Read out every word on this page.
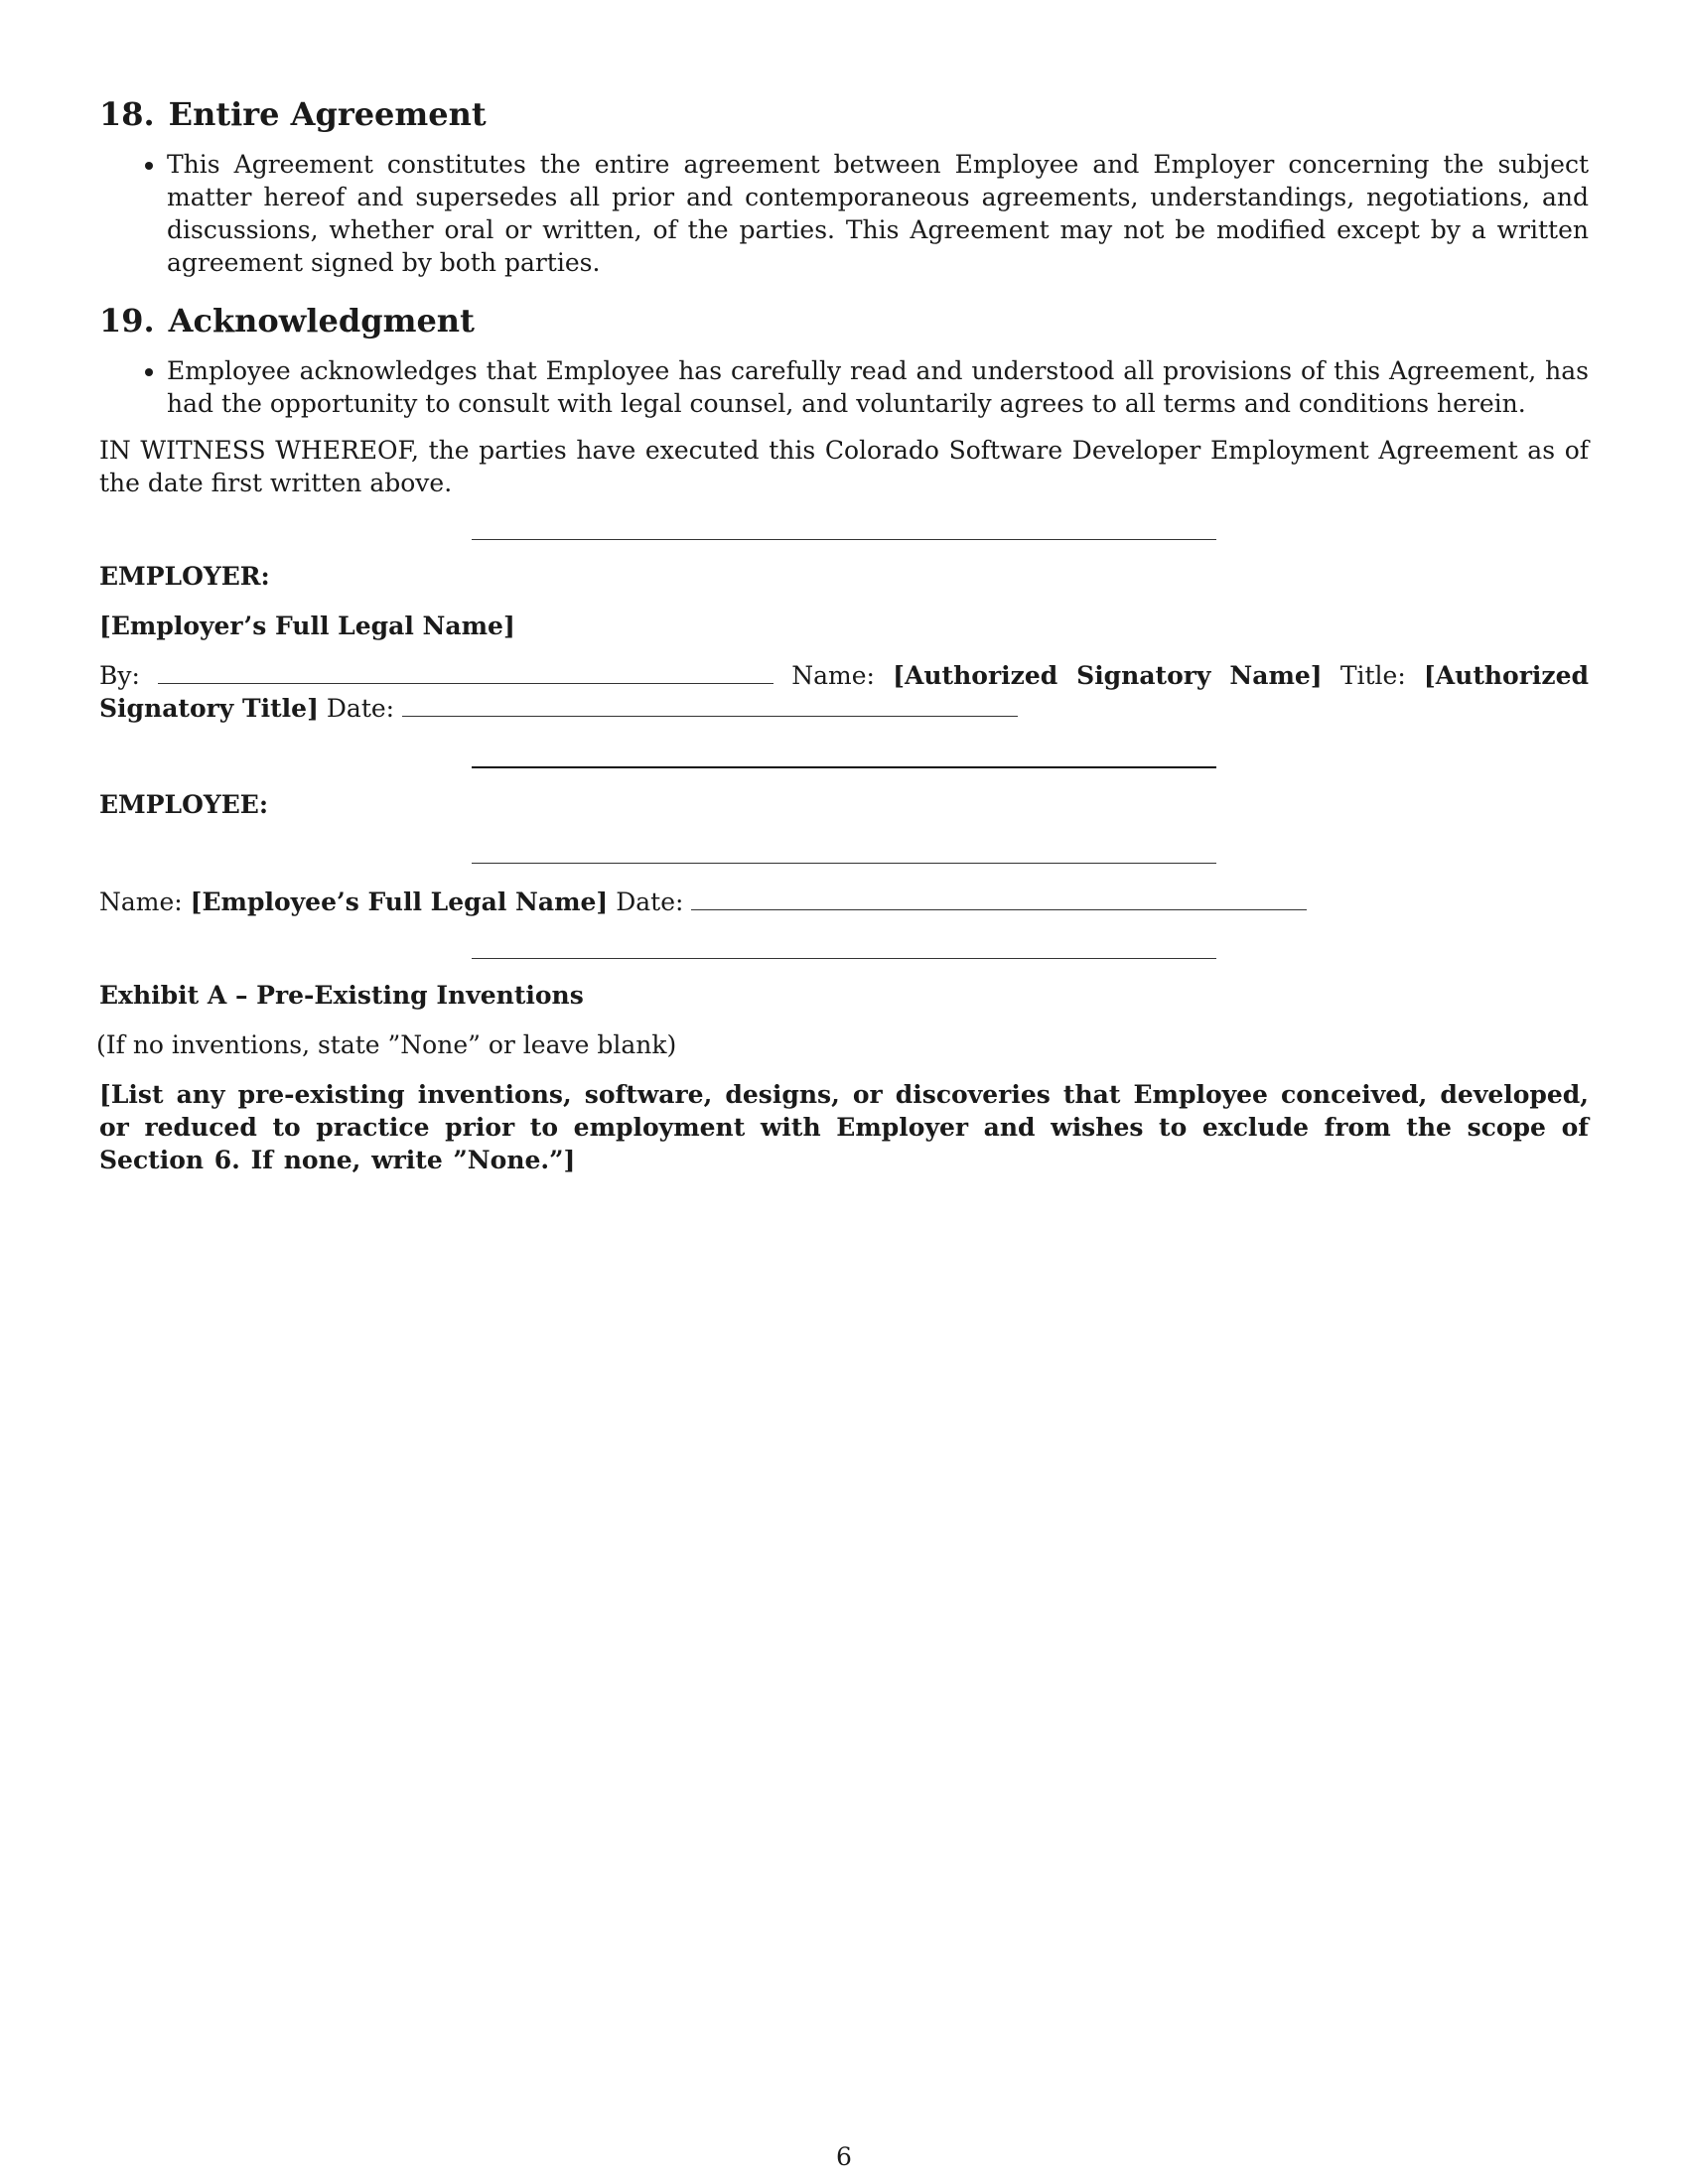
18. Entire Agreement
• This Agreement constitutes the entire agreement between Employee and Employer concerning the subject matter hereof and supersedes all prior and contemporaneous agreements, understandings, negotiations, and discussions, whether oral or written, of the parties. This Agreement may not be modified except by a written agreement signed by both parties.
19. Acknowledgment
• Employee acknowledges that Employee has carefully read and understood all provisions of this Agreement, has had the opportunity to consult with legal counsel, and voluntarily agrees to all terms and conditions herein.

IN WITNESS WHEREOF, the parties have executed this Colorado Software Developer Employment Agreement as of the date first written above.

EMPLOYER:

[Employer’s Full Legal Name]

By:	Name: [Authorized Signatory Name] Title: [Authorized Signatory Title] Date:

EMPLOYEE:

Name: [Employee’s Full Legal Name] Date:

Exhibit A – Pre-Existing Inventions

(If no inventions, state ”None” or leave blank)

[List any pre-existing inventions, software, designs, or discoveries that Employee conceived, developed, or reduced to practice prior to employment with Employer and wishes to exclude from the scope of Section 6. If none, write ”None.”]

6
